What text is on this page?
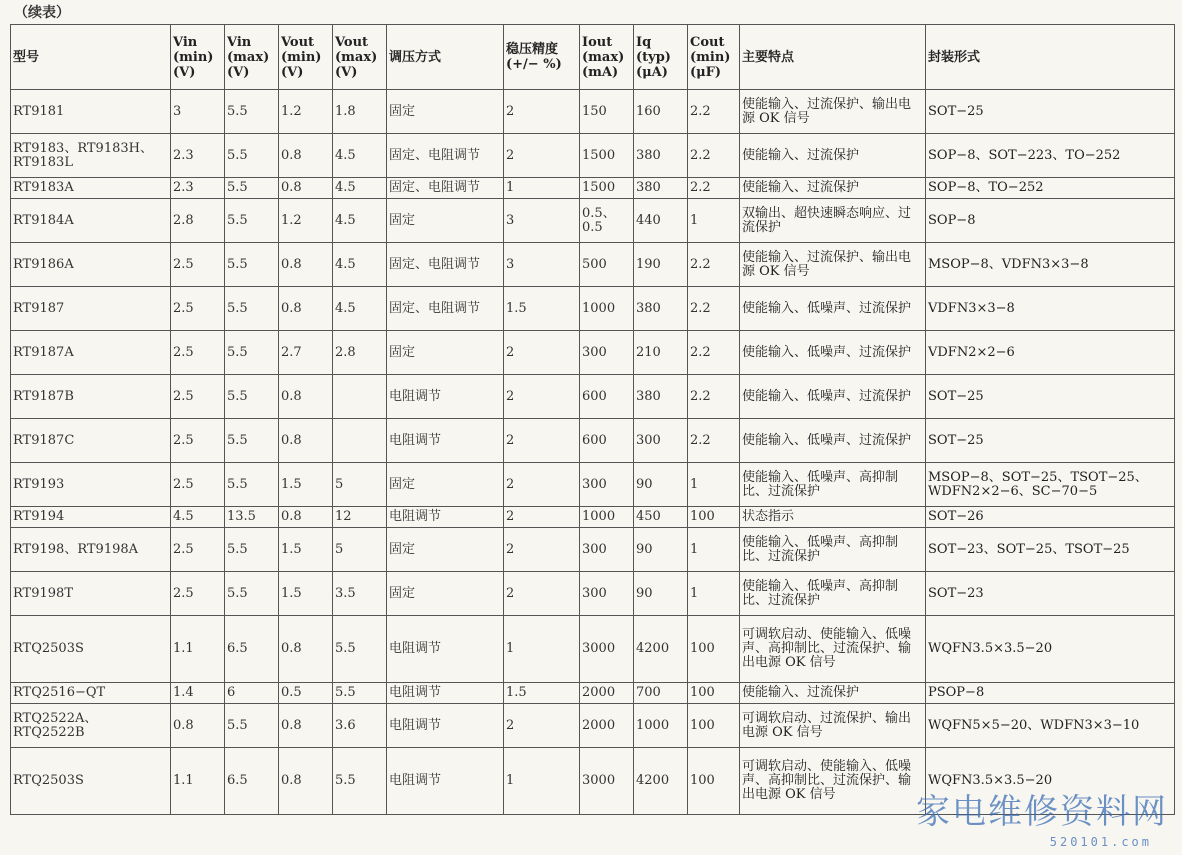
（续表）
型号	Vin (min) (V)	Vin (max) (V)	Vout (min) (V)	Vout (max) (V)	调压方式	稳压精度 (+/− %)	Iout (max) (mA)	Iq (typ) (μA)	Cout (min) (μF)	主要特点	封装形式
RT9181	3	5.5	1.2	1.8	固定	2	150	160	2.2	使能输入、过流保护、输出电源 OK 信号	SOT−25
RT9183、RT9183H、RT9183L	2.3	5.5	0.8	4.5	固定、电阻调节	2	1500	380	2.2	使能输入、过流保护	SOP−8、SOT−223、TO−252
RT9183A	2.3	5.5	0.8	4.5	固定、电阻调节	1	1500	380	2.2	使能输入、过流保护	SOP−8、TO−252
RT9184A	2.8	5.5	1.2	4.5	固定	3	0.5、0.5	440	1	双输出、超快速瞬态响应、过流保护	SOP−8
RT9186A	2.5	5.5	0.8	4.5	固定、电阻调节	3	500	190	2.2	使能输入、过流保护、输出电源 OK 信号	MSOP−8、VDFN3×3−8
RT9187	2.5	5.5	0.8	4.5	固定、电阻调节	1.5	1000	380	2.2	使能输入、低噪声、过流保护	VDFN3×3−8
RT9187A	2.5	5.5	2.7	2.8	固定	2	300	210	2.2	使能输入、低噪声、过流保护	VDFN2×2−6
RT9187B	2.5	5.5	0.8		电阻调节	2	600	380	2.2	使能输入、低噪声、过流保护	SOT−25
RT9187C	2.5	5.5	0.8		电阻调节	2	600	300	2.2	使能输入、低噪声、过流保护	SOT−25
RT9193	2.5	5.5	1.5	5	固定	2	300	90	1	使能输入、低噪声、高抑制比、过流保护	MSOP−8、SOT−25、TSOT−25、WDFN2×2−6、SC−70−5
RT9194	4.5	13.5	0.8	12	电阻调节	2	1000	450	100	状态指示	SOT−26
RT9198、RT9198A	2.5	5.5	1.5	5	固定	2	300	90	1	使能输入、低噪声、高抑制比、过流保护	SOT−23、SOT−25、TSOT−25
RT9198T	2.5	5.5	1.5	3.5	固定	2	300	90	1	使能输入、低噪声、高抑制比、过流保护	SOT−23
RTQ2503S	1.1	6.5	0.8	5.5	电阻调节	1	3000	4200	100	可调软启动、使能输入、低噪声、高抑制比、过流保护、输出电源 OK 信号	WQFN3.5×3.5−20
RTQ2516−QT	1.4	6	0.5	5.5	电阻调节	1.5	2000	700	100	使能输入、过流保护	PSOP−8
RTQ2522A、RTQ2522B	0.8	5.5	0.8	3.6	电阻调节	2	2000	1000	100	可调软启动、过流保护、输出电源 OK 信号	WQFN5×5−20、WDFN3×3−10
RTQ2503S	1.1	6.5	0.8	5.5	电阻调节	1	3000	4200	100	可调软启动、使能输入、低噪声、高抑制比、过流保护、输出电源 OK 信号	WQFN3.5×3.5−20
家电维修资料网
520101.com
